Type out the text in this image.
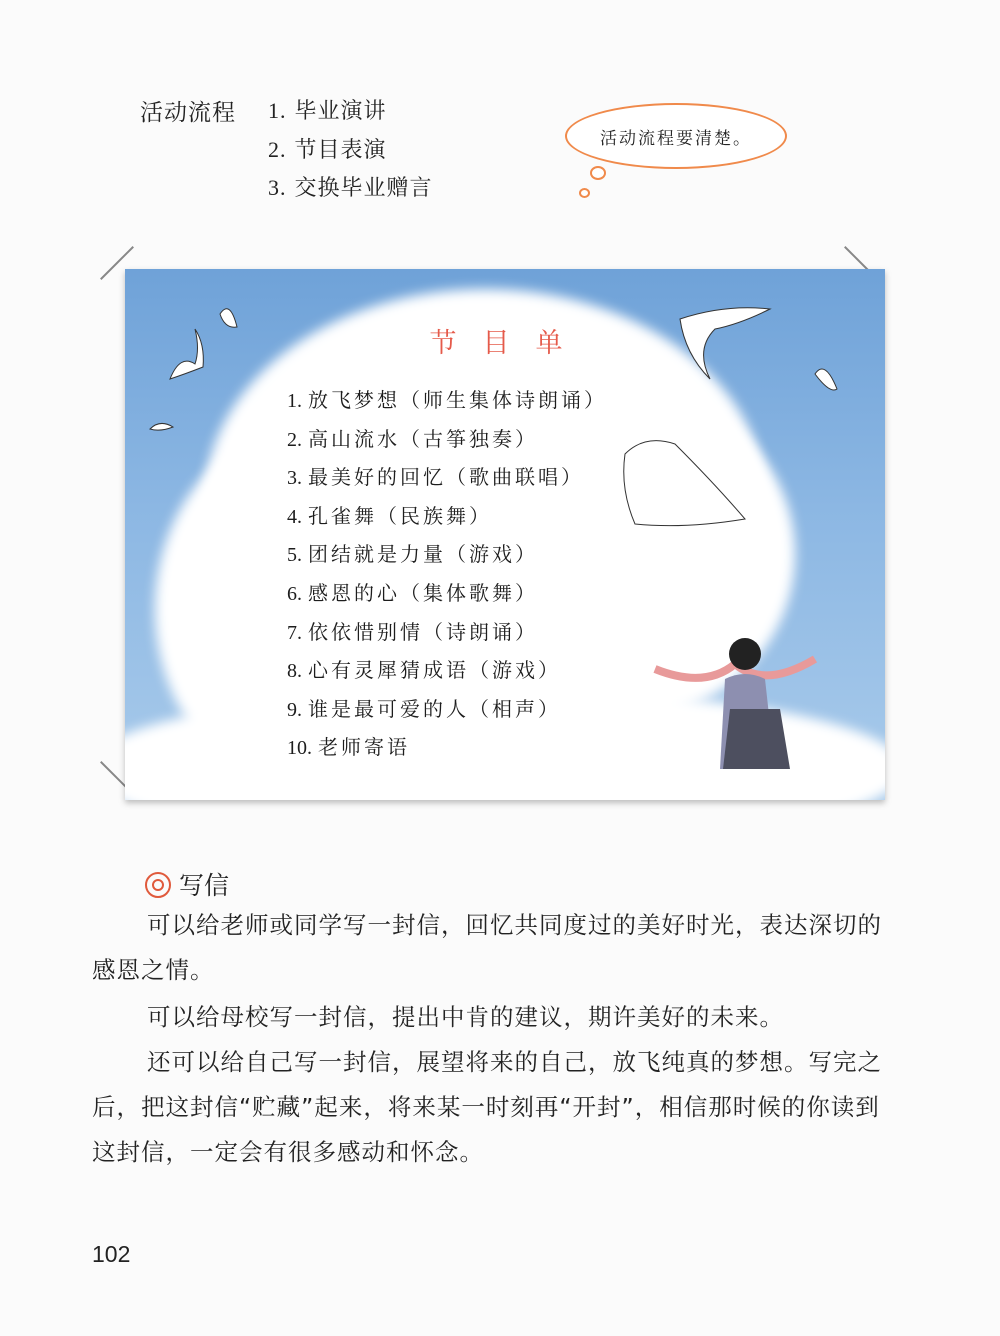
活动流程 1. 毕业演讲
2. 节目表演
3. 交换毕业赠言
活动流程要清楚。
节目单
1. 放飞梦想（师生集体诗朗诵）
2. 高山流水（古筝独奏）
3. 最美好的回忆（歌曲联唱）
4. 孔雀舞（民族舞）
5. 团结就是力量（游戏）
6. 感恩的心（集体歌舞）
7. 依依惜别情（诗朗诵）
8. 心有灵犀猜成语（游戏）
9. 谁是最可爱的人（相声）
10. 老师寄语
写信

可以给老师或同学写一封信，回忆共同度过的美好时光，表达深切的感恩之情。

可以给母校写一封信，提出中肯的建议，期许美好的未来。

还可以给自己写一封信，展望将来的自己，放飞纯真的梦想。写完之后，把这封信“贮藏”起来，将来某一时刻再“开封”，相信那时候的你读到这封信，一定会有很多感动和怀念。

102
